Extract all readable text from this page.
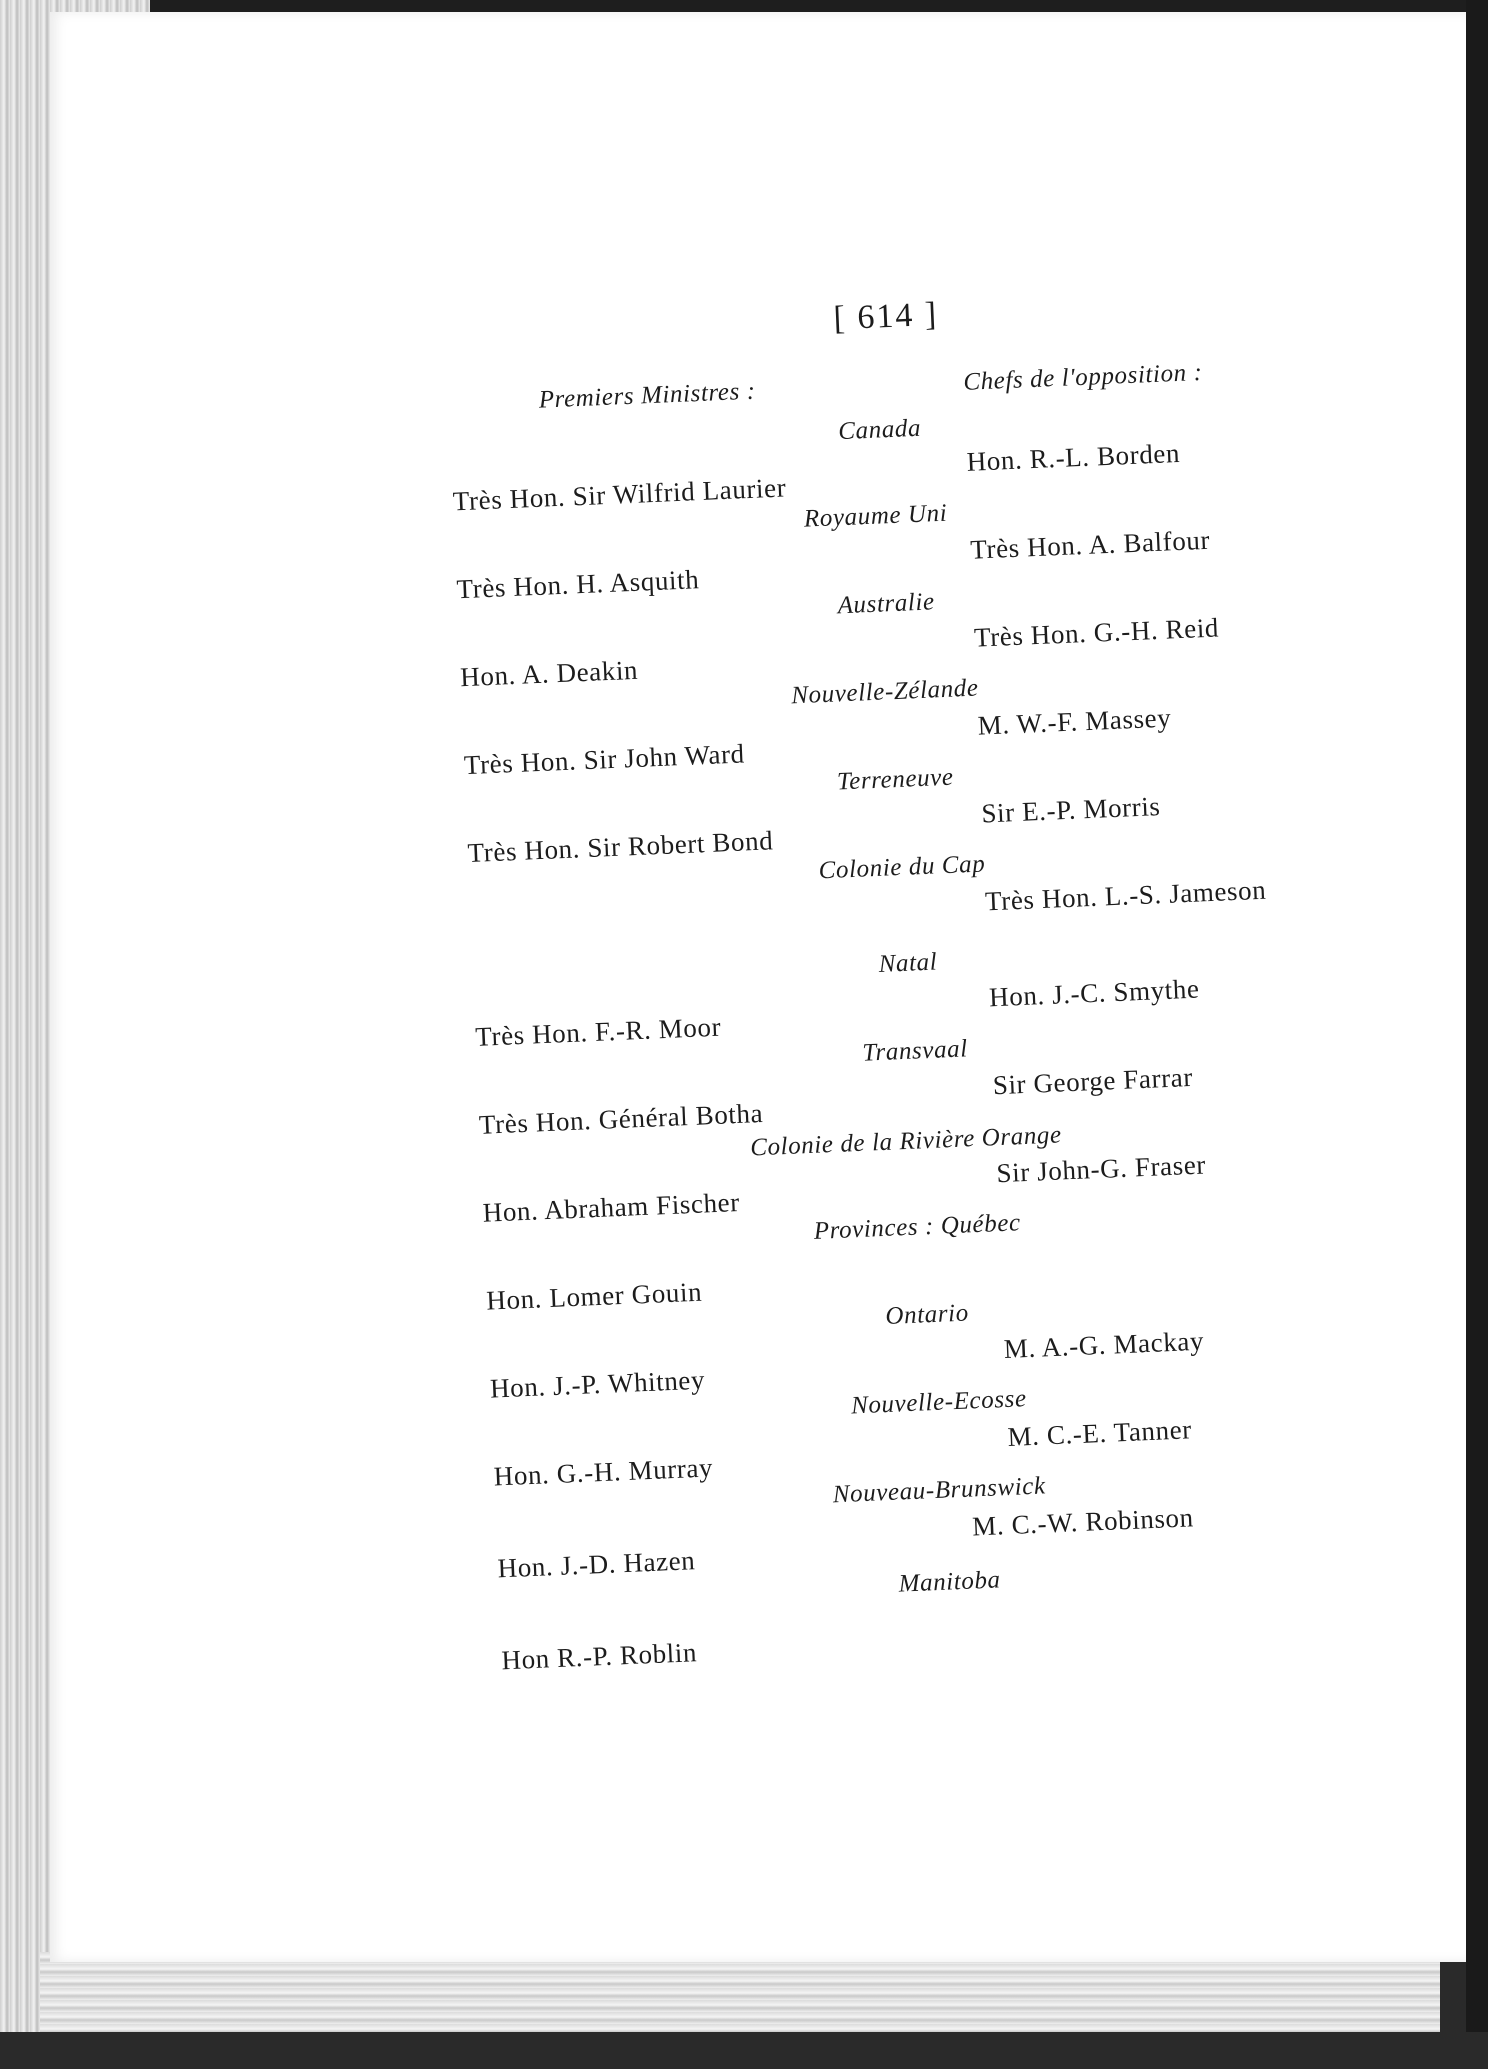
[ 614 ]
Premiers Ministres :	Chefs de l'opposition :
Canada
Très Hon. Sir Wilfrid Laurier
Hon. R.-L. Borden
Royaume Uni
Très Hon. H. Asquith
Très Hon. A. Balfour
Australie
Hon. A. Deakin
Très Hon. G.-H. Reid
Nouvelle-Zélande
Très Hon. Sir John Ward
M. W.-F. Massey
Terreneuve
Très Hon. Sir Robert Bond
Sir E.-P. Morris
Colonie du Cap
Très Hon. L.-S. Jameson
Natal
Très Hon. F.-R. Moor
Hon. J.-C. Smythe
Transvaal
Très Hon. Général Botha
Sir George Farrar
Colonie de la Rivière Orange
Hon. Abraham Fischer
Sir John-G. Fraser
Provinces : Québec
Hon. Lomer Gouin	Ontario
Hon. J.-P. Whitney
M. A.-G. Mackay
Nouvelle-Ecosse
Hon. G.-H. Murray
M. C.-E. Tanner
Nouveau-Brunswick
Hon. J.-D. Hazen
M. C.-W. Robinson
Manitoba
Hon R.-P. Roblin
